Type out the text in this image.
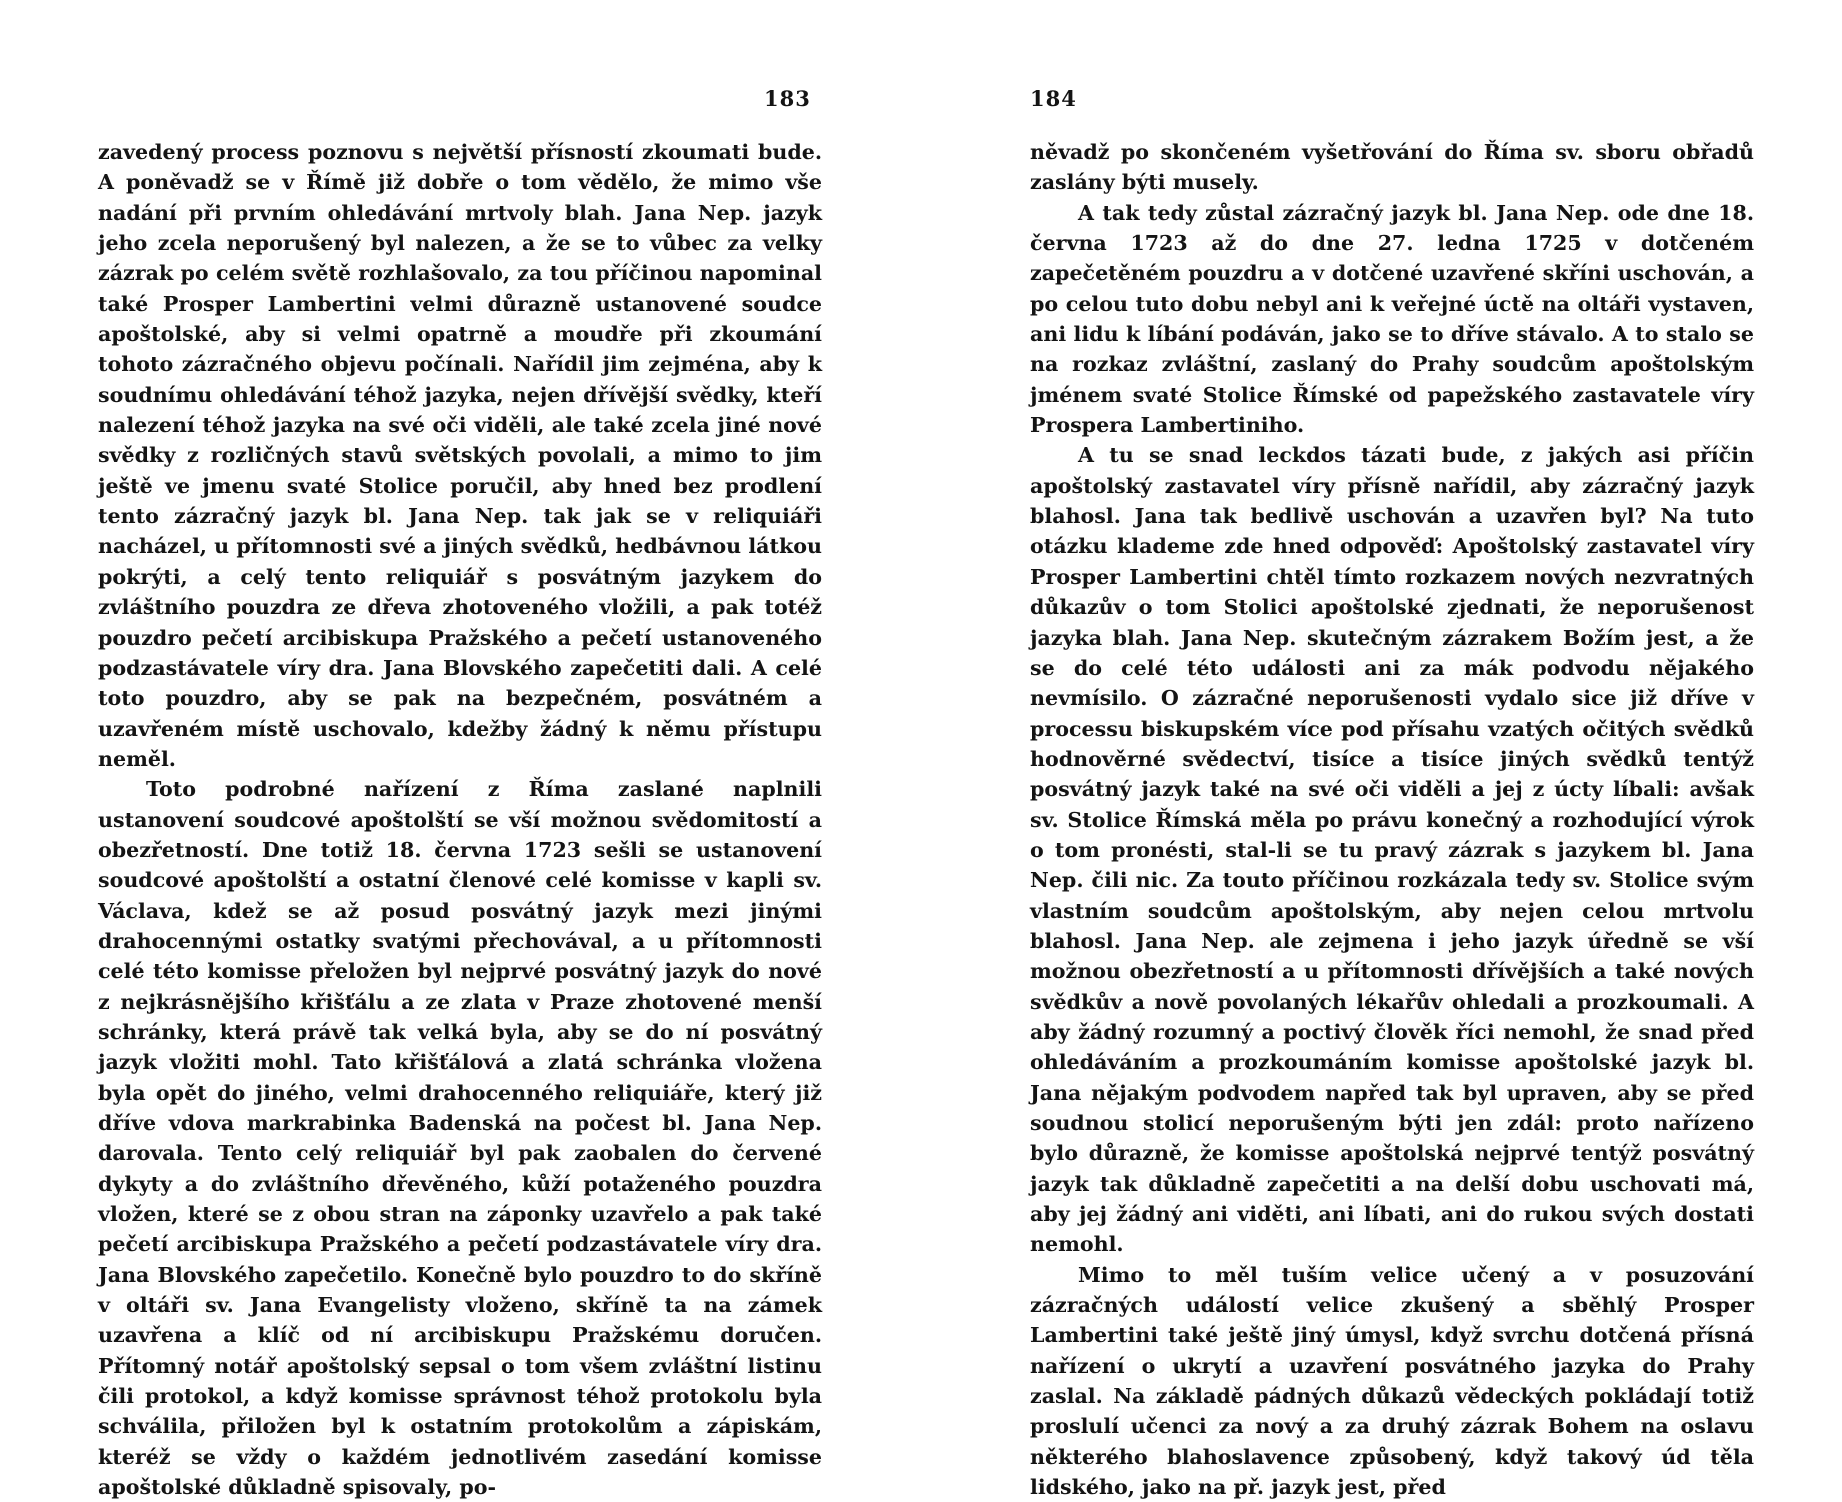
183

zavedený process poznovu s největší přísností zkoumati bude. A poněvadž se v Římě již dobře o tom vědělo, že mimo vše nadání při prvním ohledávání mrtvoly blah. Jana Nep. jazyk jeho zcela neporušený byl nalezen, a že se to vůbec za velky zázrak po celém světě rozhlašovalo, za tou příčinou napominal také Prosper Lambertini velmi důrazně ustanovené soudce apoštolské, aby si velmi opatrně a moudře při zkoumání tohoto zázračného objevu počínali. Nařídil jim zejména, aby k soudnímu ohledávání téhož jazyka, nejen dřívější svědky, kteří nalezení téhož jazyka na své oči viděli, ale také zcela jiné nové svědky z rozličných stavů světských povolali, a mimo to jim ještě ve jmenu svaté Stolice poručil, aby hned bez prodlení tento zázračný jazyk bl. Jana Nep. tak jak se v reliquiáři nacházel, u přítomnosti své a jiných svědků, hedbávnou látkou pokrýti, a celý tento reliquiář s posvátným jazykem do zvláštního pouzdra ze dřeva zhotoveného vložili, a pak totéž pouzdro pečetí arcibiskupa Pražského a pečetí ustanoveného podzastávatele víry dra. Jana Blovského zapečetiti dali. A celé toto pouzdro, aby se pak na bezpečném, posvátném a uzavřeném místě uschovalo, kdežby žádný k němu přístupu neměl.

Toto podrobné nařízení z Říma zaslané naplnili ustanovení soudcové apoštolští se vší možnou svědomitostí a obezřetností. Dne totiž 18. června 1723 sešli se ustanovení soudcové apoštolští a ostatní členové celé komisse v kapli sv. Václava, kdež se až posud posvátný jazyk mezi jinými drahocennými ostatky svatými přechovával, a u přítomnosti celé této komisse přeložen byl nejprvé posvátný jazyk do nové z nejkrásnějšího křišťálu a ze zlata v Praze zhotovené menší schránky, která právě tak velká byla, aby se do ní posvátný jazyk vložiti mohl. Tato křišťálová a zlatá schránka vložena byla opět do jiného, velmi drahocenného reliquiáře, který již dříve vdova markrabinka Badenská na počest bl. Jana Nep. darovala. Tento celý reliquiář byl pak zaobalen do červené dykyty a do zvláštního dřevěného, kůží potaženého pouzdra vložen, které se z obou stran na záponky uzavřelo a pak také pečetí arcibiskupa Pražského a pečetí podzastávatele víry dra. Jana Blovského zapečetilo. Konečně bylo pouzdro to do skříně v oltáři sv. Jana Evangelisty vloženo, skříně ta na zámek uzavřena a klíč od ní arcibiskupu Pražskému doručen. Přítomný notář apoštolský sepsal o tom všem zvláštní listinu čili protokol, a když komisse správnost téhož protokolu byla schválila, přiložen byl k ostatním protokolům a zápiskám, kteréž se vždy o každém jednotlivém zasedání komisse apoštolské důkladně spisovaly, po-

184

něvadž po skončeném vyšetřování do Říma sv. sboru obřadů zaslány býti musely.

A tak tedy zůstal zázračný jazyk bl. Jana Nep. ode dne 18. června 1723 až do dne 27. ledna 1725 v dotčeném zapečetěném pouzdru a v dotčené uzavřené skříni uschován, a po celou tuto dobu nebyl ani k veřejné úctě na oltáři vystaven, ani lidu k líbání podáván, jako se to dříve stávalo. A to stalo se na rozkaz zvláštní, zaslaný do Prahy soudcům apoštolským jménem svaté Stolice Římské od papežského zastavatele víry Prospera Lambertiniho.

A tu se snad leckdos tázati bude, z jakých asi příčin apoštolský zastavatel víry přísně nařídil, aby zázračný jazyk blahosl. Jana tak bedlivě uschován a uzavřen byl? Na tuto otázku klademe zde hned odpověď: Apoštolský zastavatel víry Prosper Lambertini chtěl tímto rozkazem nových nezvratných důkazův o tom Stolici apoštolské zjednati, že neporušenost jazyka blah. Jana Nep. skutečným zázrakem Božím jest, a že se do celé této události ani za mák podvodu nějakého nevmísilo. O zázračné neporušenosti vydalo sice již dříve v processu biskupském více pod přísahu vzatých očitých svědků hodnověrné svědectví, tisíce a tisíce jiných svědků tentýž posvátný jazyk také na své oči viděli a jej z úcty líbali: avšak sv. Stolice Římská měla po právu konečný a rozhodující výrok o tom pronésti, stal-li se tu pravý zázrak s jazykem bl. Jana Nep. čili nic. Za touto příčinou rozkázala tedy sv. Stolice svým vlastním soudcům apoštolským, aby nejen celou mrtvolu blahosl. Jana Nep. ale zejmena i jeho jazyk úředně se vší možnou obezřetností a u přítomnosti dřívějších a také nových svědkův a nově povolaných lékařův ohledali a prozkoumali. A aby žádný rozumný a poctivý člověk říci nemohl, že snad před ohledáváním a prozkoumáním komisse apoštolské jazyk bl. Jana nějakým podvodem napřed tak byl upraven, aby se před soudnou stolicí neporušeným býti jen zdál: proto nařízeno bylo důrazně, že komisse apoštolská nejprvé tentýž posvátný jazyk tak důkladně zapečetiti a na delší dobu uschovati má, aby jej žádný ani viděti, ani líbati, ani do rukou svých dostati nemohl.

Mimo to měl tuším velice učený a v posuzování zázračných událostí velice zkušený a sběhlý Prosper Lambertini také ještě jiný úmysl, když svrchu dotčená přísná nařízení o ukrytí a uzavření posvátného jazyka do Prahy zaslal. Na základě pádných důkazů vědeckých pokládají totiž proslulí učenci za nový a za druhý zázrak Bohem na oslavu některého blahoslavence způsobený, když takový úd těla lidského, jako na př. jazyk jest, před
